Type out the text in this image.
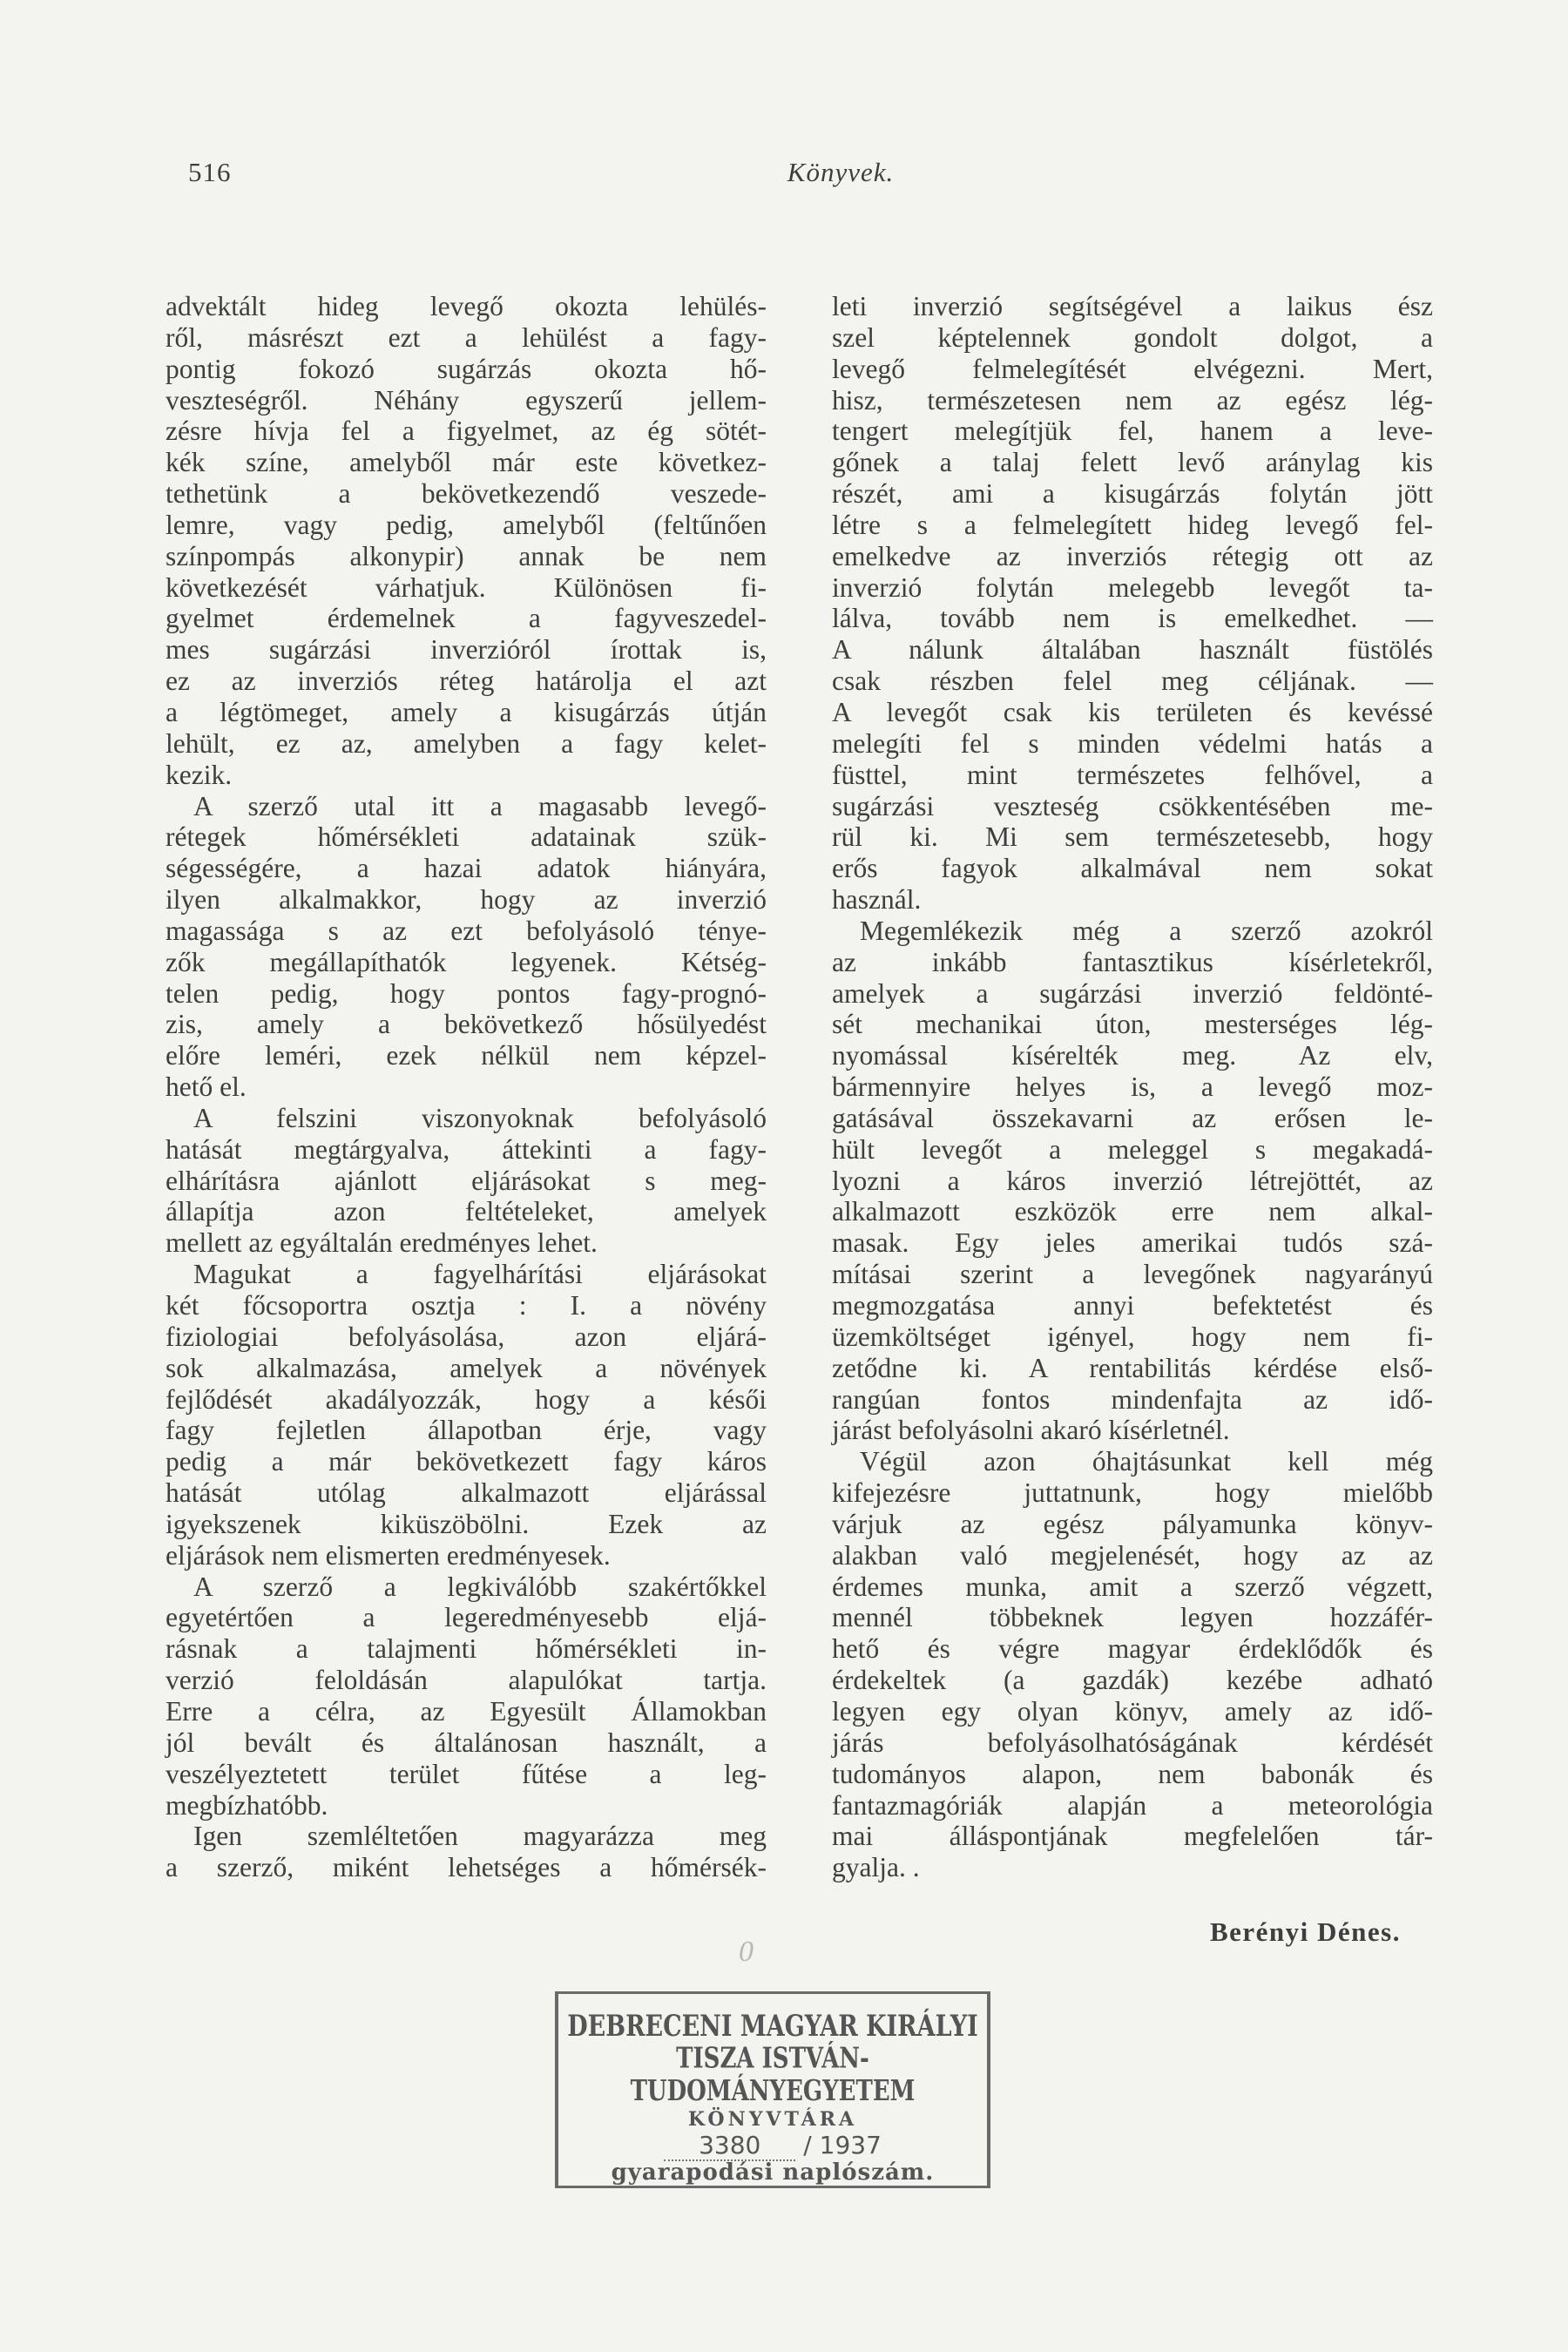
516	Könyvek.
advektált hideg levegő okozta lehülés-
ről, másrészt ezt a lehülést a fagy-
pontig fokozó sugárzás okozta hő-
veszteségről. Néhány egyszerű jellem-
zésre hívja fel a figyelmet, az ég sötét-
kék színe, amelyből már este következ-
tethetünk a bekövetkezendő veszede-
lemre, vagy pedig, amelyből (feltűnően
színpompás alkonypir) annak be nem
következését várhatjuk. Különösen fi-
gyelmet érdemelnek a fagyveszedel-
mes sugárzási inverzióról írottak is,
ez az inverziós réteg határolja el azt
a légtömeget, amely a kisugárzás útján
lehült, ez az, amelyben a fagy kelet-
kezik.
A szerző utal itt a magasabb levegő-
rétegek hőmérsékleti adatainak szük-
ségességére, a hazai adatok hiányára,
ilyen alkalmakkor, hogy az inverzió
magassága s az ezt befolyásoló ténye-
zők megállapíthatók legyenek. Kétség-
telen pedig, hogy pontos fagy-prognó-
zis, amely a bekövetkező hősülyedést
előre leméri, ezek nélkül nem képzel-
hető el.
A felszini viszonyoknak befolyásoló
hatását megtárgyalva, áttekinti a fagy-
elhárításra ajánlott eljárásokat s meg-
állapítja azon feltételeket, amelyek
mellett az egyáltalán eredményes lehet.
Magukat a fagyelhárítási eljárásokat
két főcsoportra osztja : I. a növény
fiziologiai befolyásolása, azon eljárá-
sok alkalmazása, amelyek a növények
fejlődését akadályozzák, hogy a késői
fagy fejletlen állapotban érje, vagy
pedig a már bekövetkezett fagy káros
hatását utólag alkalmazott eljárással
igyekszenek kiküszöbölni. Ezek az
eljárások nem elismerten eredményesek.
A szerző a legkiválóbb szakértőkkel
egyetértően a legeredményesebb eljá-
rásnak a talajmenti hőmérsékleti in-
verzió feloldásán alapulókat tartja.
Erre a célra, az Egyesült Államokban
jól bevált és általánosan használt, a
veszélyeztetett terület fűtése a leg-
megbízhatóbb.
Igen szemléltetően magyarázza meg
a szerző, miként lehetséges a hőmérsék-
leti inverzió segítségével a laikus ész
szel képtelennek gondolt dolgot, a
levegő felmelegítését elvégezni. Mert,
hisz, természetesen nem az egész lég-
tengert melegítjük fel, hanem a leve-
gőnek a talaj felett levő aránylag kis
részét, ami a kisugárzás folytán jött
létre s a felmelegített hideg levegő fel-
emelkedve az inverziós rétegig ott az
inverzió folytán melegebb levegőt ta-
lálva, tovább nem is emelkedhet. —
A nálunk általában használt füstölés
csak részben felel meg céljának. —
A levegőt csak kis területen és kevéssé
melegíti fel s minden védelmi hatás a
füsttel, mint természetes felhővel, a
sugárzási veszteség csökkentésében me-
rül ki. Mi sem természetesebb, hogy
erős fagyok alkalmával nem sokat
használ.
Megemlékezik még a szerző azokról
az inkább fantasztikus kísérletekről,
amelyek a sugárzási inverzió feldönté-
sét mechanikai úton, mesterséges lég-
nyomással kísérelték meg. Az elv,
bármennyire helyes is, a levegő moz-
gatásával összekavarni az erősen le-
hült levegőt a meleggel s megakadá-
lyozni a káros inverzió létrejöttét, az
alkalmazott eszközök erre nem alkal-
masak. Egy jeles amerikai tudós szá-
mításai szerint a levegőnek nagyarányú
megmozgatása annyi befektetést és
üzemköltséget igényel, hogy nem fi-
zetődne ki. A rentabilitás kérdése első-
rangúan fontos mindenfajta az idő-
járást befolyásolni akaró kísérletnél.
Végül azon óhajtásunkat kell még
kifejezésre juttatnunk, hogy mielőbb
várjuk az egész pályamunka könyv-
alakban való megjelenését, hogy az az
érdemes munka, amit a szerző végzett,
mennél többeknek legyen hozzáfér-
hető és végre magyar érdeklődők és
érdekeltek (a gazdák) kezébe adható
legyen egy olyan könyv, amely az idő-
járás befolyásolhatóságának kérdését
tudományos alapon, nem babonák és
fantazmagóriák alapján a meteorológia
mai álláspontjának megfelelően tár-
gyalja. .
Berényi Dénes.
0
DEBRECENI MAGYAR KIRÁLYI
TISZA ISTVÁN-TUDOMÁNYEGYETEM
KÖNYVTÁRA
3380 / 1937
gyarapodási naplószám.
